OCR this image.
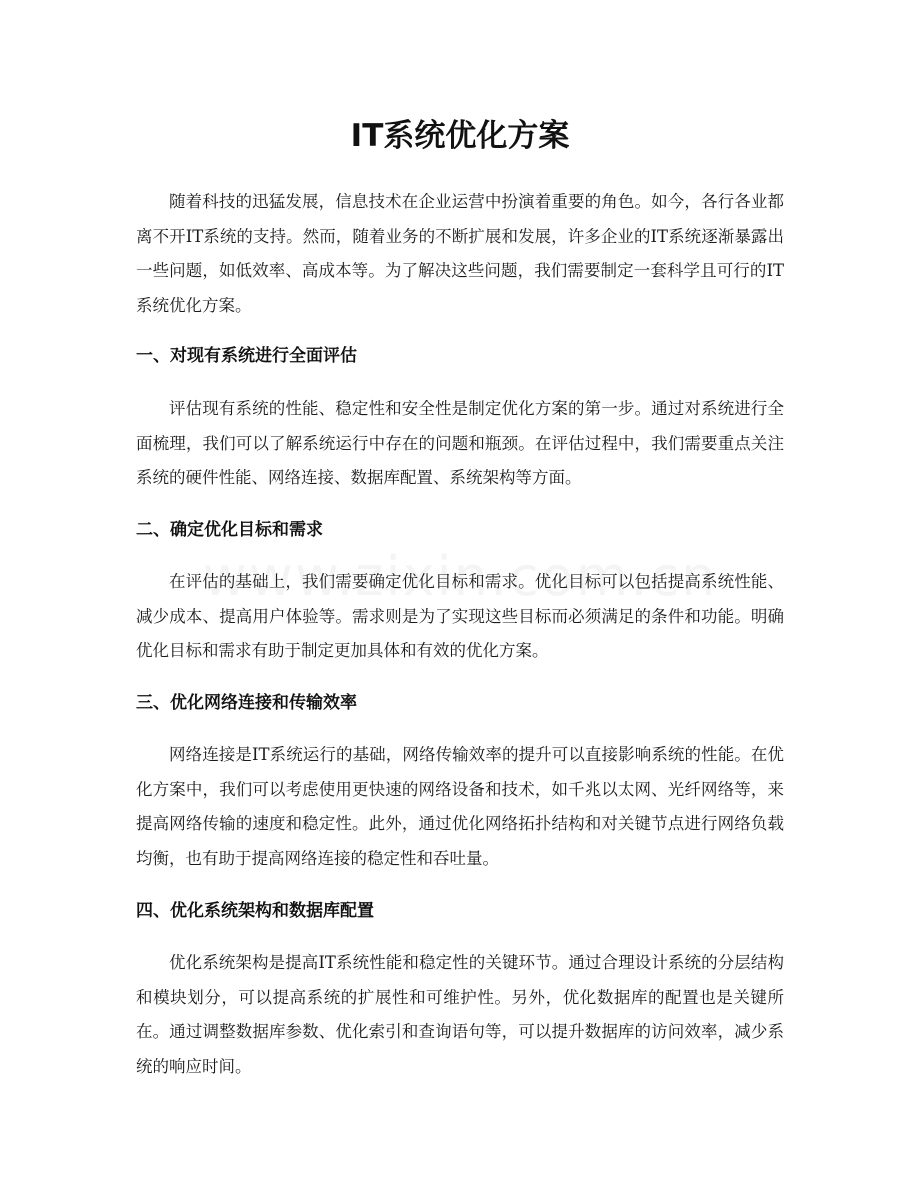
IT系统优化方案

随着科技的迅猛发展，信息技术在企业运营中扮演着重要的角色。如今，各行各业都离不开IT系统的支持。然而，随着业务的不断扩展和发展，许多企业的IT系统逐渐暴露出一些问题，如低效率、高成本等。为了解决这些问题，我们需要制定一套科学且可行的IT系统优化方案。

一、对现有系统进行全面评估

评估现有系统的性能、稳定性和安全性是制定优化方案的第一步。通过对系统进行全面梳理，我们可以了解系统运行中存在的问题和瓶颈。在评估过程中，我们需要重点关注系统的硬件性能、网络连接、数据库配置、系统架构等方面。

二、确定优化目标和需求

在评估的基础上，我们需要确定优化目标和需求。优化目标可以包括提高系统性能、减少成本、提高用户体验等。需求则是为了实现这些目标而必须满足的条件和功能。明确优化目标和需求有助于制定更加具体和有效的优化方案。

三、优化网络连接和传输效率

网络连接是IT系统运行的基础，网络传输效率的提升可以直接影响系统的性能。在优化方案中，我们可以考虑使用更快速的网络设备和技术，如千兆以太网、光纤网络等，来提高网络传输的速度和稳定性。此外，通过优化网络拓扑结构和对关键节点进行网络负载均衡，也有助于提高网络连接的稳定性和吞吐量。

四、优化系统架构和数据库配置

优化系统架构是提高IT系统性能和稳定性的关键环节。通过合理设计系统的分层结构和模块划分，可以提高系统的扩展性和可维护性。另外，优化数据库的配置也是关键所在。通过调整数据库参数、优化索引和查询语句等，可以提升数据库的访问效率，减少系统的响应时间。
